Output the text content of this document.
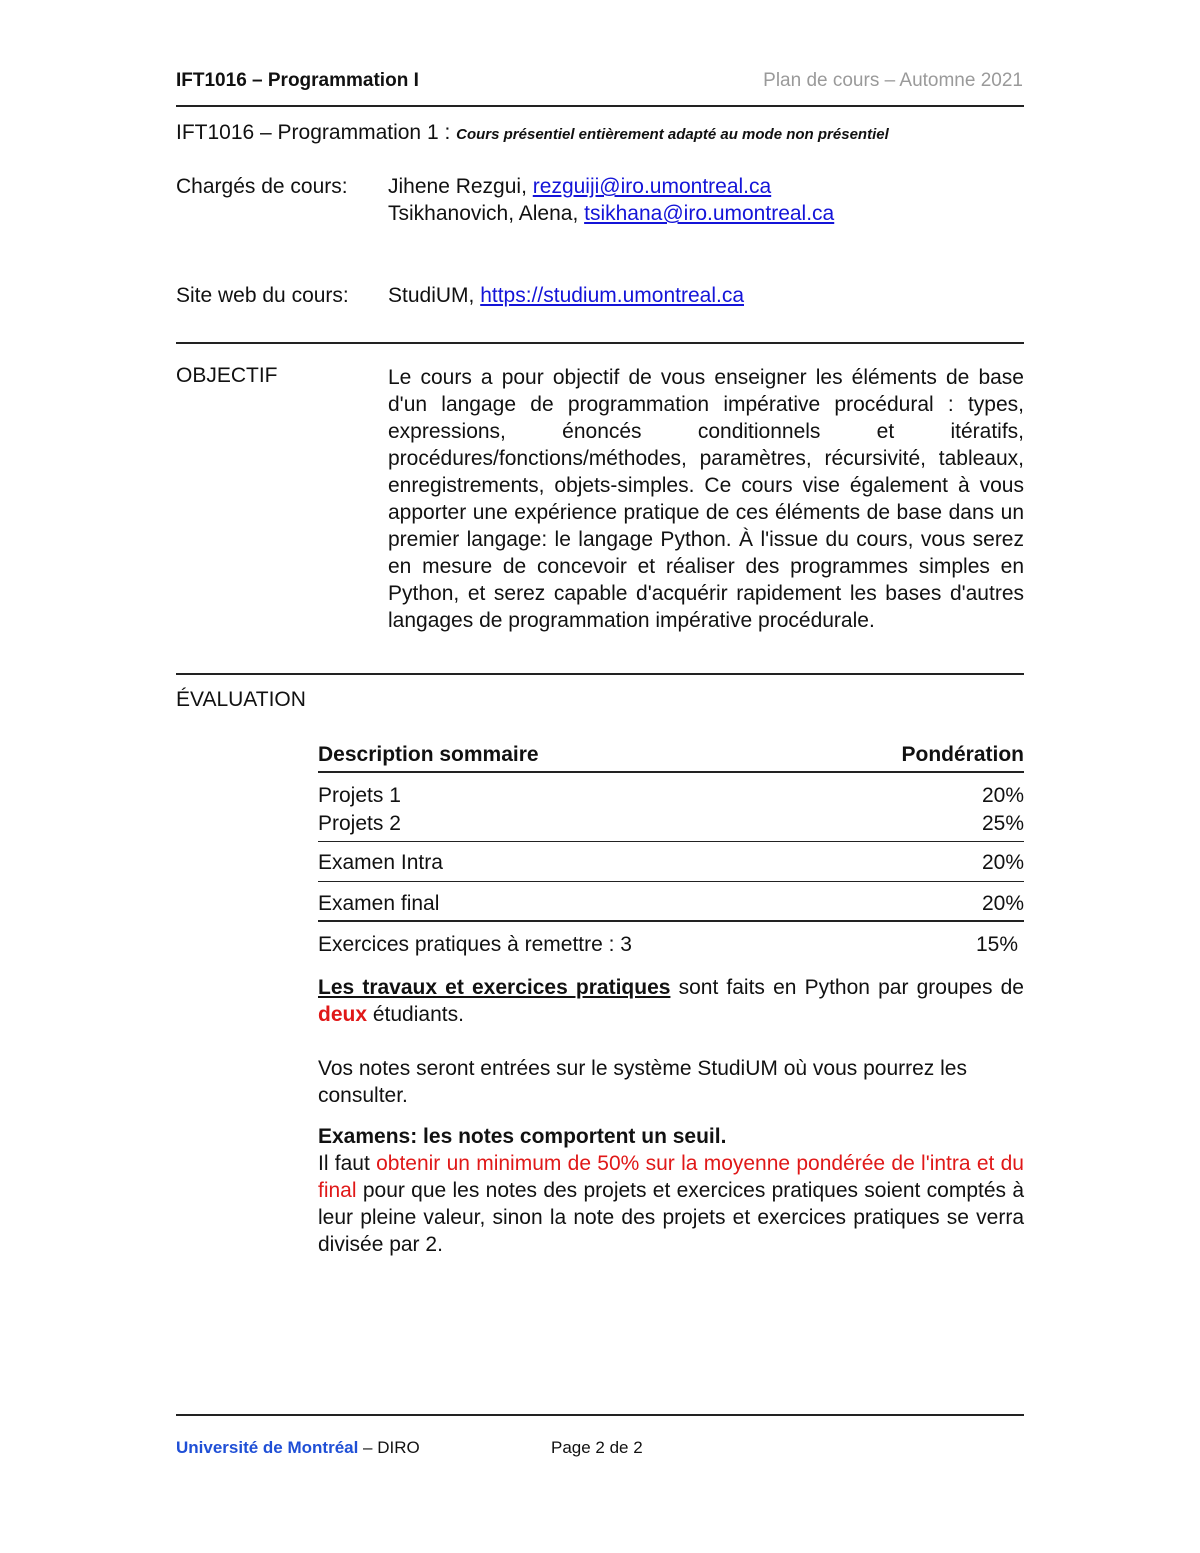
IFT1016 – Programmation I	Plan de cours – Automne 2021
IFT1016 – Programmation 1 : Cours présentiel entièrement adapté au mode non présentiel
Chargés de cours: Jihene Rezgui, rezguiji@iro.umontreal.ca
Tsikhanovich, Alena, tsikhana@iro.umontreal.ca
Site web du cours: StudiUM, https://studium.umontreal.ca
OBJECTIF	Le cours a pour objectif de vous enseigner les éléments de base d'un langage de programmation impérative procédural : types, expressions, énoncés conditionnels et itératifs, procédures/fonctions/méthodes, paramètres, récursivité, tableaux, enregistrements, objets-simples. Ce cours vise également à vous apporter une expérience pratique de ces éléments de base dans un premier langage: le langage Python. À l'issue du cours, vous serez en mesure de concevoir et réaliser des programmes simples en Python, et serez capable d'acquérir rapidement les bases d'autres langages de programmation impérative procédurale.
ÉVALUATION
Description sommaire	Pondération
Projets 1	20%
Projets 2	25%
Examen Intra	20%
Examen final	20%
Exercices pratiques à remettre : 3	15%
Les travaux et exercices pratiques sont faits en Python par groupes de deux étudiants.
Vos notes seront entrées sur le système StudiUM où vous pourrez les consulter.
Examens: les notes comportent un seuil.
Il faut obtenir un minimum de 50% sur la moyenne pondérée de l'intra et du final pour que les notes des projets et exercices pratiques soient comptés à leur pleine valeur, sinon la note des projets et exercices pratiques se verra divisée par 2.
Université de Montréal – DIRO	Page 2 de 2
